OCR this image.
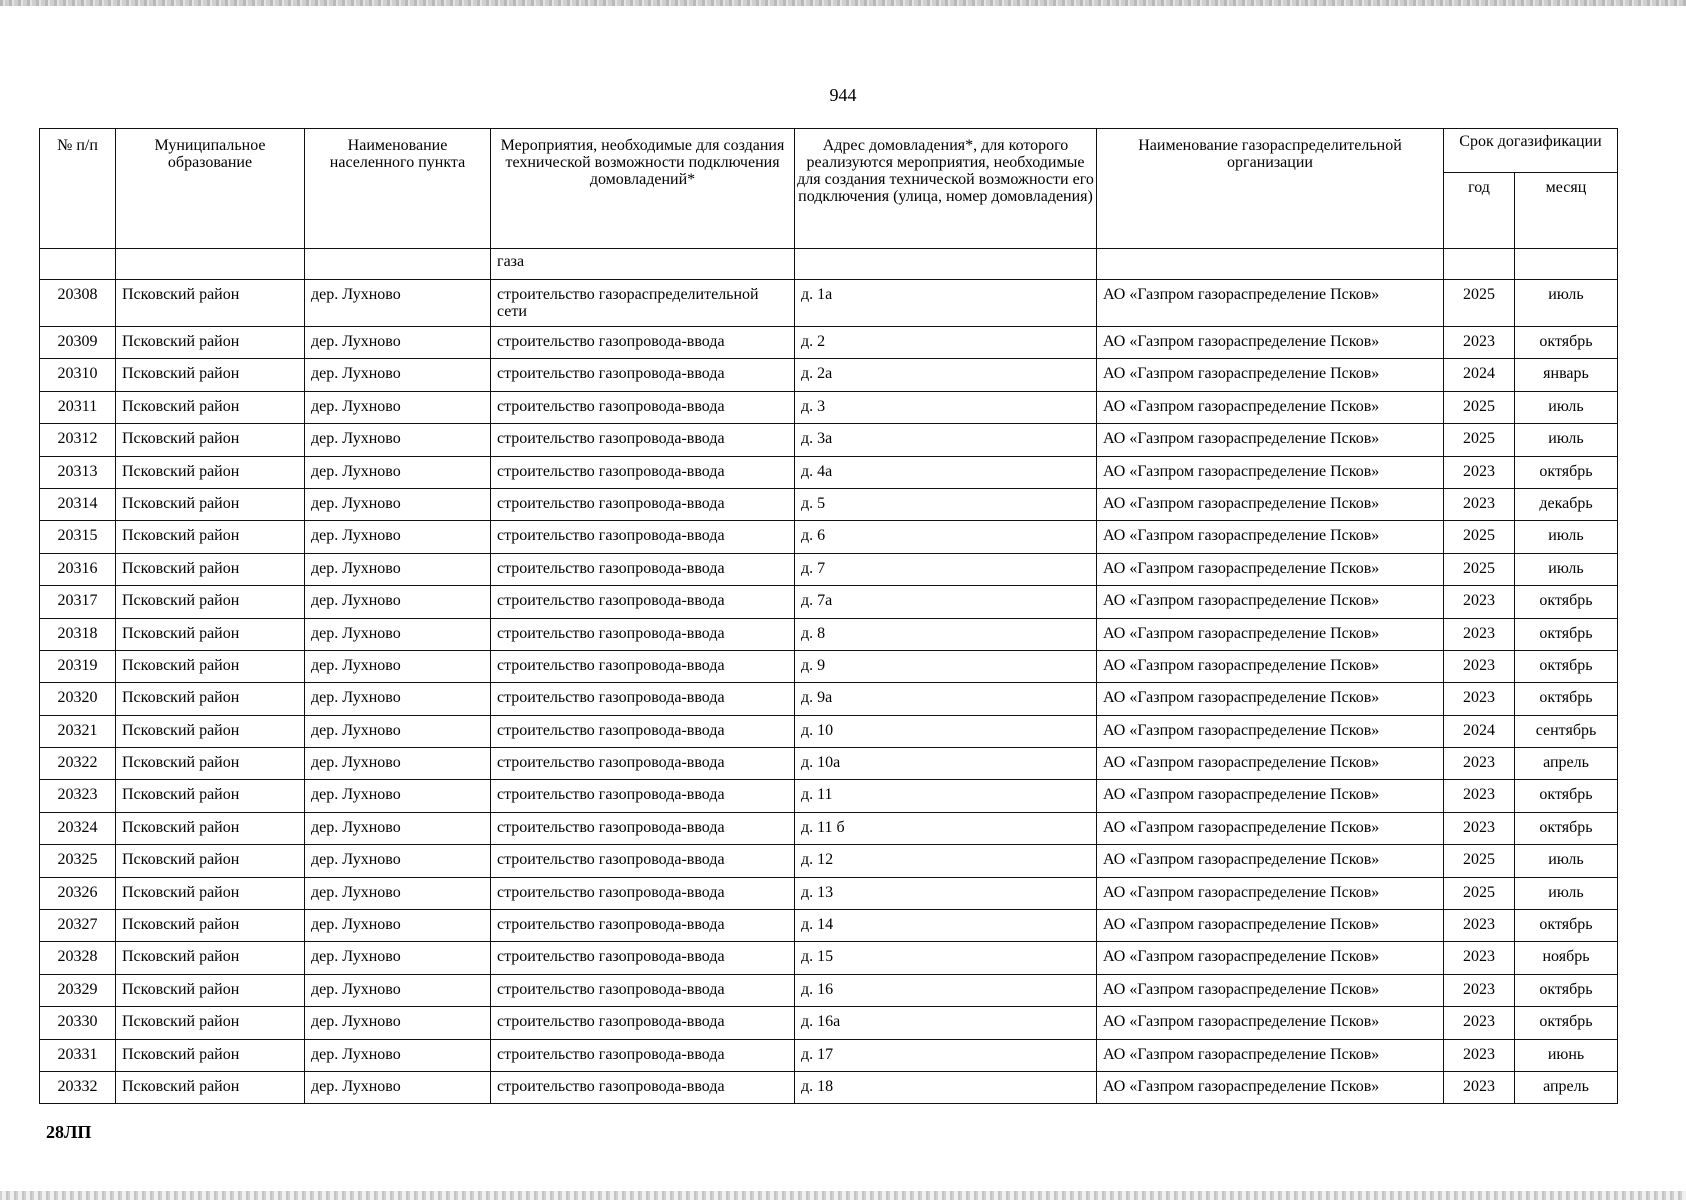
944
№ п/п	Муниципальное образование	Наименование населенного пункта	Мероприятия, необходимые для создания технической возможности подключения домовладений*	Адрес домовладения*, для которого реализуются мероприятия, необходимые для создания технической возможности его подключения (улица, номер домовладения)	Наименование газораспределительной организации	Срок догазификации	
						год	месяц
			газа				
20308	Псковский район	дер. Лухново	строительство газораспределительной сети	д. 1а	АО «Газпром газораспределение Псков»	2025	июль
20309	Псковский район	дер. Лухново	строительство газопровода-ввода	д. 2	АО «Газпром газораспределение Псков»	2023	октябрь
20310	Псковский район	дер. Лухново	строительство газопровода-ввода	д. 2а	АО «Газпром газораспределение Псков»	2024	январь
20311	Псковский район	дер. Лухново	строительство газопровода-ввода	д. 3	АО «Газпром газораспределение Псков»	2025	июль
20312	Псковский район	дер. Лухново	строительство газопровода-ввода	д. 3а	АО «Газпром газораспределение Псков»	2025	июль
20313	Псковский район	дер. Лухново	строительство газопровода-ввода	д. 4а	АО «Газпром газораспределение Псков»	2023	октябрь
20314	Псковский район	дер. Лухново	строительство газопровода-ввода	д. 5	АО «Газпром газораспределение Псков»	2023	декабрь
20315	Псковский район	дер. Лухново	строительство газопровода-ввода	д. 6	АО «Газпром газораспределение Псков»	2025	июль
20316	Псковский район	дер. Лухново	строительство газопровода-ввода	д. 7	АО «Газпром газораспределение Псков»	2025	июль
20317	Псковский район	дер. Лухново	строительство газопровода-ввода	д. 7а	АО «Газпром газораспределение Псков»	2023	октябрь
20318	Псковский район	дер. Лухново	строительство газопровода-ввода	д. 8	АО «Газпром газораспределение Псков»	2023	октябрь
20319	Псковский район	дер. Лухново	строительство газопровода-ввода	д. 9	АО «Газпром газораспределение Псков»	2023	октябрь
20320	Псковский район	дер. Лухново	строительство газопровода-ввода	д. 9а	АО «Газпром газораспределение Псков»	2023	октябрь
20321	Псковский район	дер. Лухново	строительство газопровода-ввода	д. 10	АО «Газпром газораспределение Псков»	2024	сентябрь
20322	Псковский район	дер. Лухново	строительство газопровода-ввода	д. 10а	АО «Газпром газораспределение Псков»	2023	апрель
20323	Псковский район	дер. Лухново	строительство газопровода-ввода	д. 11	АО «Газпром газораспределение Псков»	2023	октябрь
20324	Псковский район	дер. Лухново	строительство газопровода-ввода	д. 11 б	АО «Газпром газораспределение Псков»	2023	октябрь
20325	Псковский район	дер. Лухново	строительство газопровода-ввода	д. 12	АО «Газпром газораспределение Псков»	2025	июль
20326	Псковский район	дер. Лухново	строительство газопровода-ввода	д. 13	АО «Газпром газораспределение Псков»	2025	июль
20327	Псковский район	дер. Лухново	строительство газопровода-ввода	д. 14	АО «Газпром газораспределение Псков»	2023	октябрь
20328	Псковский район	дер. Лухново	строительство газопровода-ввода	д. 15	АО «Газпром газораспределение Псков»	2023	ноябрь
20329	Псковский район	дер. Лухново	строительство газопровода-ввода	д. 16	АО «Газпром газораспределение Псков»	2023	октябрь
20330	Псковский район	дер. Лухново	строительство газопровода-ввода	д. 16а	АО «Газпром газораспределение Псков»	2023	октябрь
20331	Псковский район	дер. Лухново	строительство газопровода-ввода	д. 17	АО «Газпром газораспределение Псков»	2023	июнь
20332	Псковский район	дер. Лухново	строительство газопровода-ввода	д. 18	АО «Газпром газораспределение Псков»	2023	апрель
28ЛП
